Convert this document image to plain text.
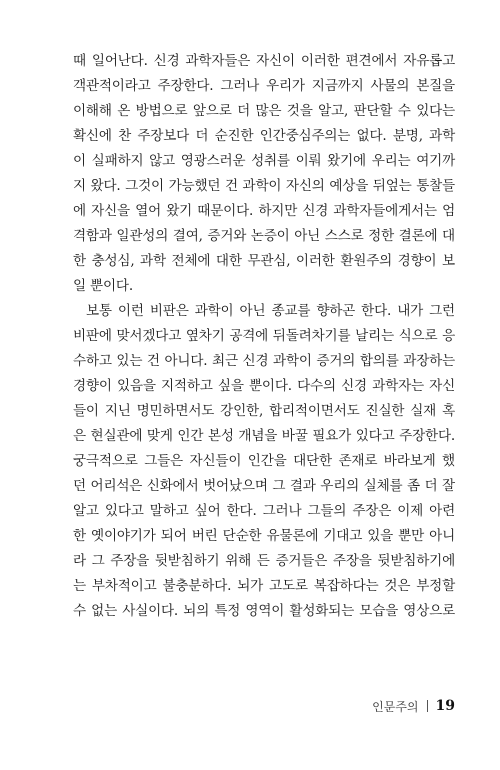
때 일어난다. 신경 과학자들은 자신이 이러한 편견에서 자유롭고
객관적이라고 주장한다. 그러나 우리가 지금까지 사물의 본질을
이해해 온 방법으로 앞으로 더 많은 것을 알고, 판단할 수 있다는
확신에 찬 주장보다 더 순진한 인간중심주의는 없다. 분명, 과학
이 실패하지 않고 영광스러운 성취를 이뤄 왔기에 우리는 여기까
지 왔다. 그것이 가능했던 건 과학이 자신의 예상을 뒤엎는 통찰들
에 자신을 열어 왔기 때문이다. 하지만 신경 과학자들에게서는 엄
격함과 일관성의 결여, 증거와 논증이 아닌 스스로 정한 결론에 대
한 충성심, 과학 전체에 대한 무관심, 이러한 환원주의 경향이 보
일 뿐이다.
보통 이런 비판은 과학이 아닌 종교를 향하곤 한다. 내가 그런
비판에 맞서겠다고 옆차기 공격에 뒤돌려차기를 날리는 식으로 응
수하고 있는 건 아니다. 최근 신경 과학이 증거의 합의를 과장하는
경향이 있음을 지적하고 싶을 뿐이다. 다수의 신경 과학자는 자신
들이 지닌 명민하면서도 강인한, 합리적이면서도 진실한 실재 혹
은 현실관에 맞게 인간 본성 개념을 바꿀 필요가 있다고 주장한다.
궁극적으로 그들은 자신들이 인간을 대단한 존재로 바라보게 했
던 어리석은 신화에서 벗어났으며 그 결과 우리의 실체를 좀 더 잘
알고 있다고 말하고 싶어 한다. 그러나 그들의 주장은 이제 아련
한 옛이야기가 되어 버린 단순한 유물론에 기대고 있을 뿐만 아니
라 그 주장을 뒷받침하기 위해 든 증거들은 주장을 뒷받침하기에
는 부차적이고 불충분하다. 뇌가 고도로 복잡하다는 것은 부정할
수 없는 사실이다. 뇌의 특정 영역이 활성화되는 모습을 영상으로
인문주의 19
